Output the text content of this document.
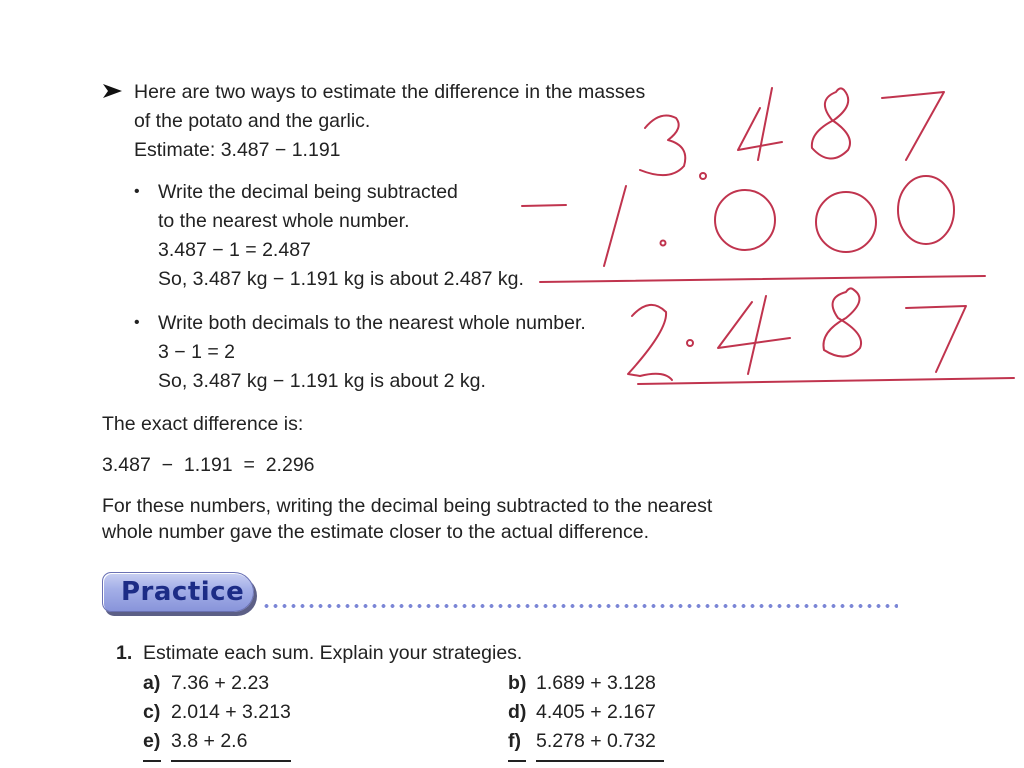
Here are two ways to estimate the difference in the masses
of the potato and the garlic.
Estimate: 3.487 − 1.191
• Write the decimal being subtracted
to the nearest whole number.
3.487 − 1 = 2.487
So, 3.487 kg − 1.191 kg is about 2.487 kg.
• Write both decimals to the nearest whole number.
3 − 1 = 2
So, 3.487 kg − 1.191 kg is about 2 kg.
The exact difference is:
3.487  −  1.191  =  2.296
For these numbers, writing the decimal being subtracted to the nearest
whole number gave the estimate closer to the actual difference.
Practice
1. Estimate each sum. Explain your strategies.
a) 7.36 + 2.23	b) 1.689 + 3.128
c) 2.014 + 3.213	d) 4.405 + 2.167
e) 3.8 + 2.6	f) 5.278 + 0.732
